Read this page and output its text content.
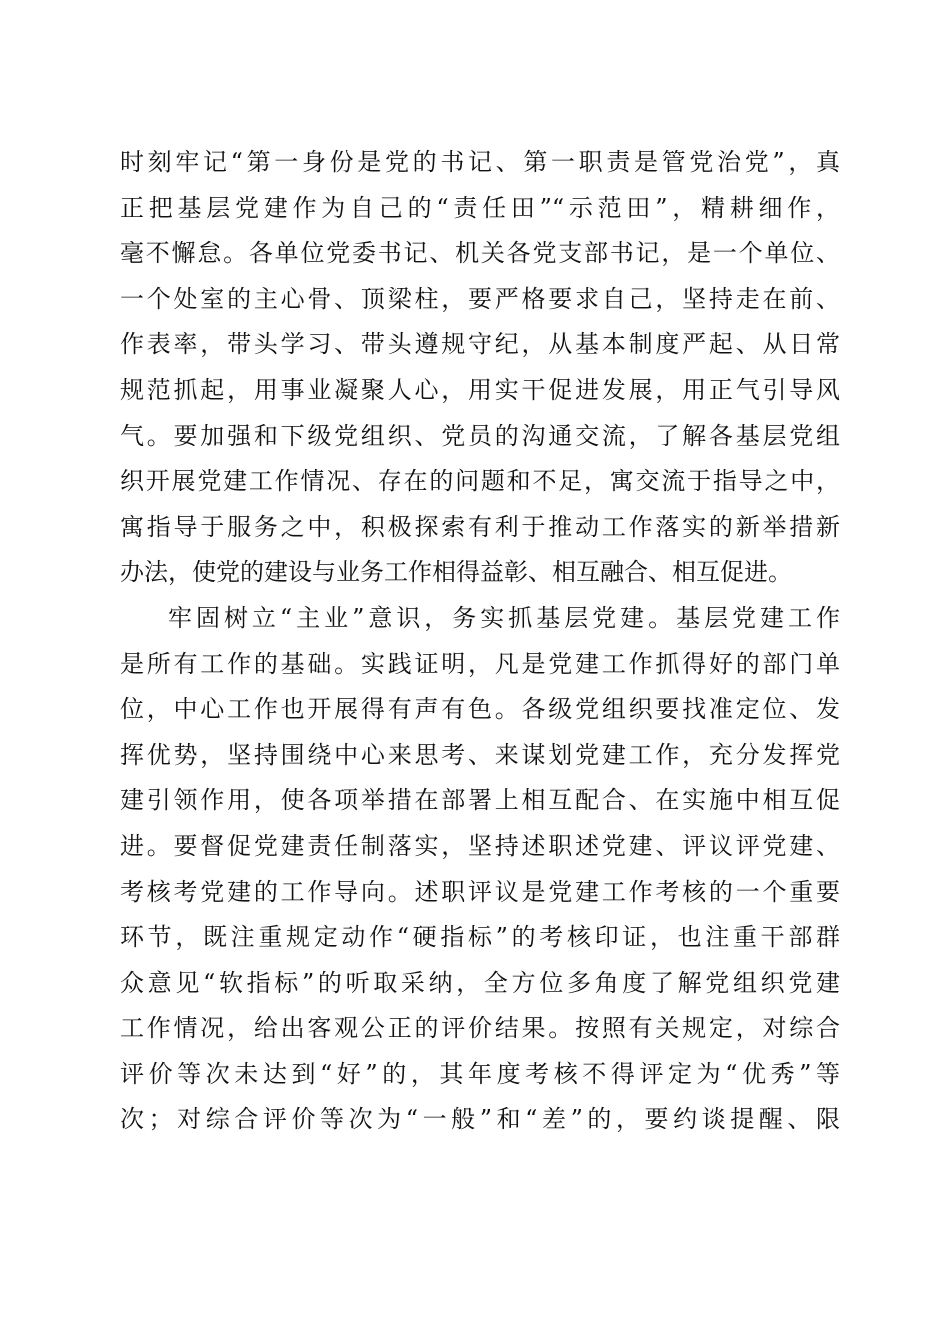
时刻牢记“第一身份是党的书记、第一职责是管党治党”，真
正把基层党建作为自己的“责任田”“示范田”，精耕细作，
毫不懈怠。各单位党委书记、机关各党支部书记，是一个单位、
一个处室的主心骨、顶梁柱，要严格要求自己，坚持走在前、
作表率，带头学习、带头遵规守纪，从基本制度严起、从日常
规范抓起，用事业凝聚人心，用实干促进发展，用正气引导风
气。要加强和下级党组织、党员的沟通交流，了解各基层党组
织开展党建工作情况、存在的问题和不足，寓交流于指导之中，
寓指导于服务之中，积极探索有利于推动工作落实的新举措新
办法，使党的建设与业务工作相得益彰、相互融合、相互促进。
牢固树立“主业”意识，务实抓基层党建。基层党建工作
是所有工作的基础。实践证明，凡是党建工作抓得好的部门单
位，中心工作也开展得有声有色。各级党组织要找准定位、发
挥优势，坚持围绕中心来思考、来谋划党建工作，充分发挥党
建引领作用，使各项举措在部署上相互配合、在实施中相互促
进。要督促党建责任制落实，坚持述职述党建、评议评党建、
考核考党建的工作导向。述职评议是党建工作考核的一个重要
环节，既注重规定动作“硬指标”的考核印证，也注重干部群
众意见“软指标”的听取采纳，全方位多角度了解党组织党建
工作情况，给出客观公正的评价结果。按照有关规定，对综合
评价等次未达到“好”的，其年度考核不得评定为“优秀”等
次；对综合评价等次为“一般”和“差”的，要约谈提醒、限
